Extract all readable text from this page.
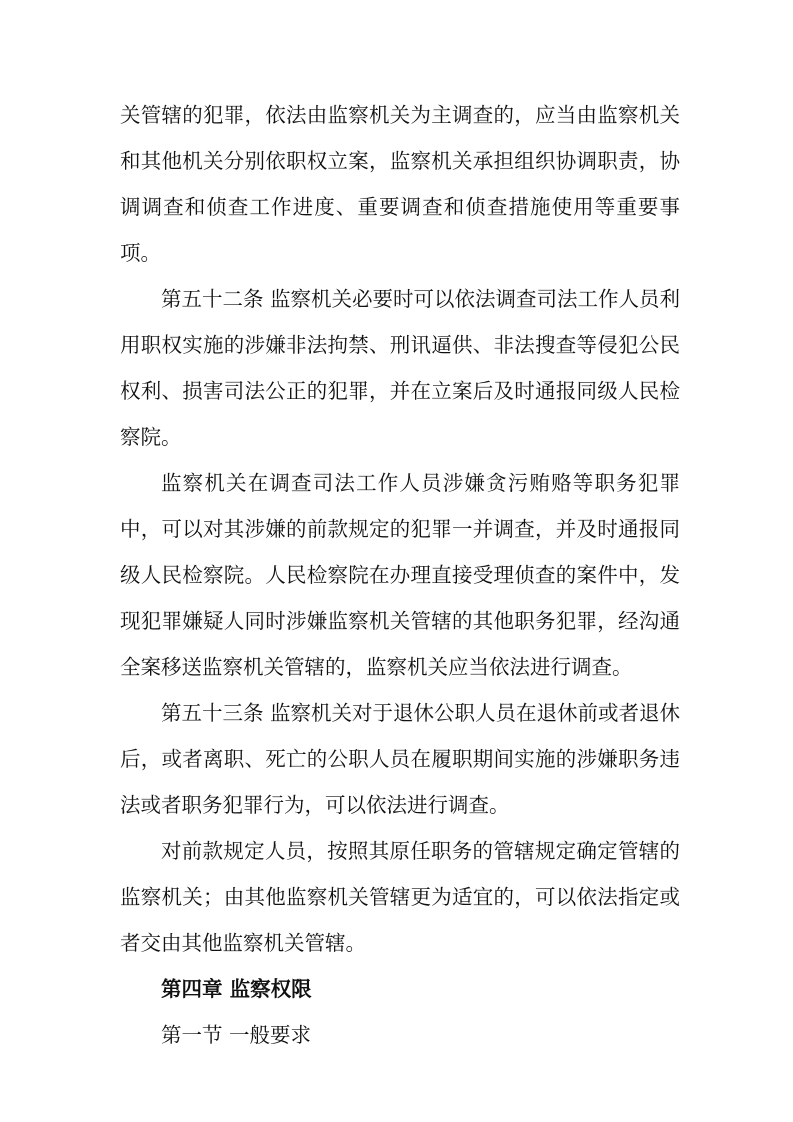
关管辖的犯罪，依法由监察机关为主调查的，应当由监察机关和其他机关分别依职权立案，监察机关承担组织协调职责，协调调查和侦查工作进度、重要调查和侦查措施使用等重要事项。

第五十二条 监察机关必要时可以依法调查司法工作人员利用职权实施的涉嫌非法拘禁、刑讯逼供、非法搜查等侵犯公民权利、损害司法公正的犯罪，并在立案后及时通报同级人民检察院。

监察机关在调查司法工作人员涉嫌贪污贿赂等职务犯罪中，可以对其涉嫌的前款规定的犯罪一并调查，并及时通报同级人民检察院。人民检察院在办理直接受理侦查的案件中，发现犯罪嫌疑人同时涉嫌监察机关管辖的其他职务犯罪，经沟通全案移送监察机关管辖的，监察机关应当依法进行调查。

第五十三条 监察机关对于退休公职人员在退休前或者退休后，或者离职、死亡的公职人员在履职期间实施的涉嫌职务违法或者职务犯罪行为，可以依法进行调查。

对前款规定人员，按照其原任职务的管辖规定确定管辖的监察机关；由其他监察机关管辖更为适宜的，可以依法指定或者交由其他监察机关管辖。

第四章 监察权限

第一节 一般要求
